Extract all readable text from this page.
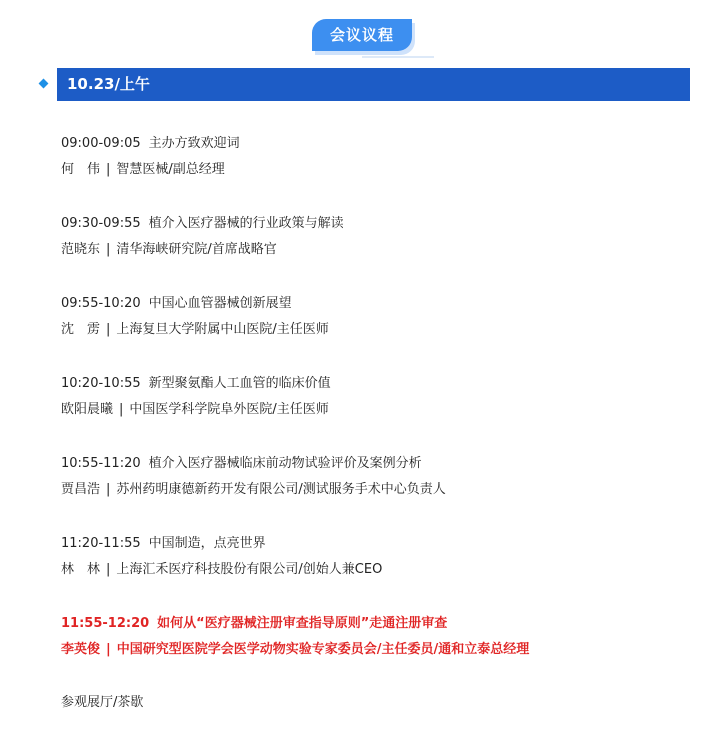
会议议程
10.23/上午
09:00-09:05 主办方致欢迎词
何　伟 | 智慧医械/副总经理
09:30-09:55 植介入医疗器械的行业政策与解读
范晓东 | 清华海峡研究院/首席战略官
09:55-10:20 中国心血管器械创新展望
沈　雳 | 上海复旦大学附属中山医院/主任医师
10:20-10:55 新型聚氨酯人工血管的临床价值
欧阳晨曦 | 中国医学科学院阜外医院/主任医师
10:55-11:20 植介入医疗器械临床前动物试验评价及案例分析
贾昌浩 | 苏州药明康德新药开发有限公司/测试服务手术中心负责人
11:20-11:55 中国制造，点亮世界
林　林 | 上海汇禾医疗科技股份有限公司/创始人兼CEO
11:55-12:20 如何从“医疗器械注册审查指导原则”走通注册审查
李英俊 | 中国研究型医院学会医学动物实验专家委员会/主任委员/通和立泰总经理
参观展厅/茶歇
